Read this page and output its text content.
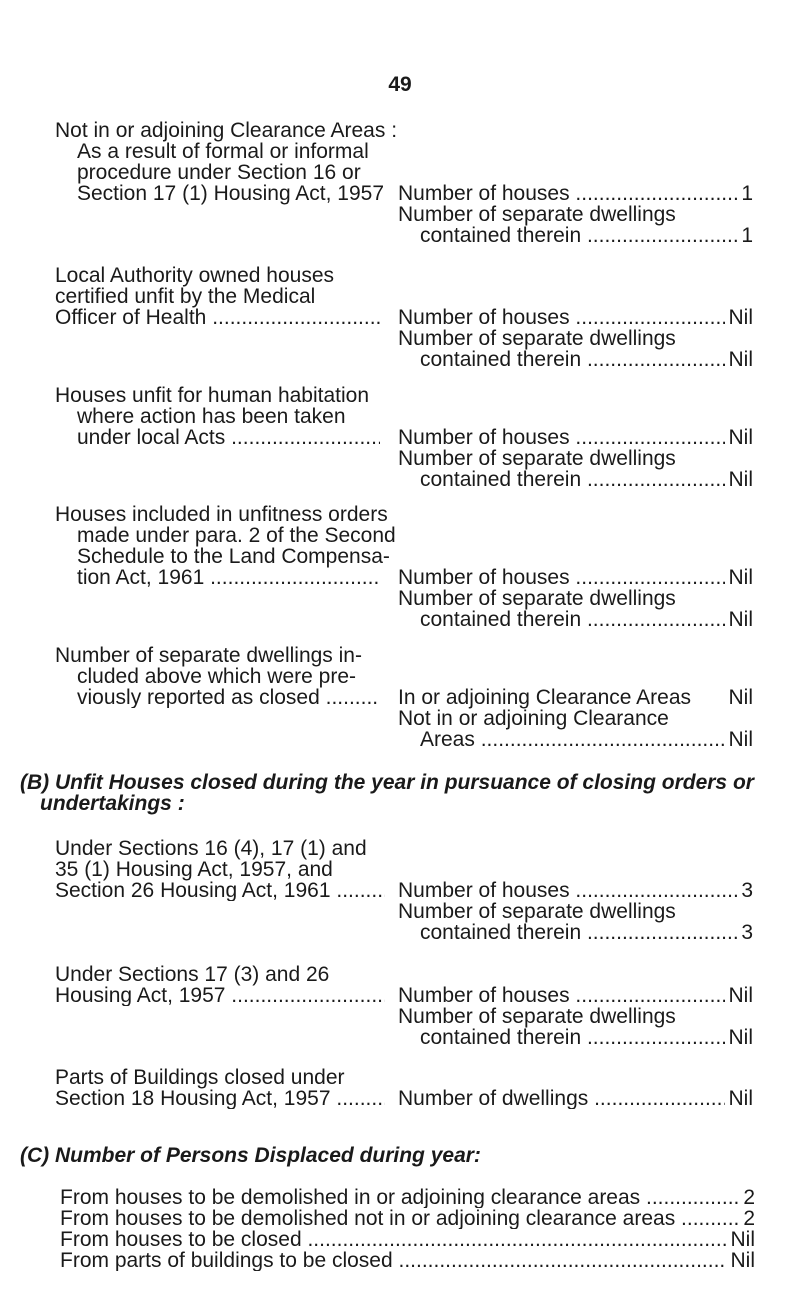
49
Not in or adjoining Clearance Areas :
As a result of formal or informal
procedure under Section 16 or
Section 17 (1) Housing Act, 1957 Number of houses .....	1
Number of separate dwellings
contained therein .....	1
Local Authority owned houses
certified unfit by the Medical
Officer of Health .....	Number of houses .....	Nil
Number of separate dwellings
contained therein .....	Nil
Houses unfit for human habitation
where action has been taken
under local Acts .....	Number of houses .....	Nil
Number of separate dwellings
contained therein .....	Nil
Houses included in unfitness orders
made under para. 2 of the Second
Schedule to the Land Compensa-
tion Act, 1961 .....	Number of houses .....	Nil
Number of separate dwellings
contained therein .....	Nil
Number of separate dwellings in-
cluded above which were pre-
viously reported as closed .....	In or adjoining Clearance Areas	Nil
Not in or adjoining Clearance
Areas .....	Nil
(B) Unfit Houses closed during the year in pursuance of closing orders or
undertakings :
Under Sections 16 (4), 17 (1) and
35 (1) Housing Act, 1957, and
Section 26 Housing Act, 1961 .....	Number of houses .....	3
Number of separate dwellings
contained therein .....	3
Under Sections 17 (3) and 26
Housing Act, 1957 .....	Number of houses .....	Nil
Number of separate dwellings
contained therein .....	Nil
Parts of Buildings closed under
Section 18 Housing Act, 1957 .....	Number of dwellings .....	Nil
(C) Number of Persons Displaced during year:
From houses to be demolished in or adjoining clearance areas .....	2
From houses to be demolished not in or adjoining clearance areas .....	2
From houses to be closed .....	Nil
From parts of buildings to be closed .....	Nil
